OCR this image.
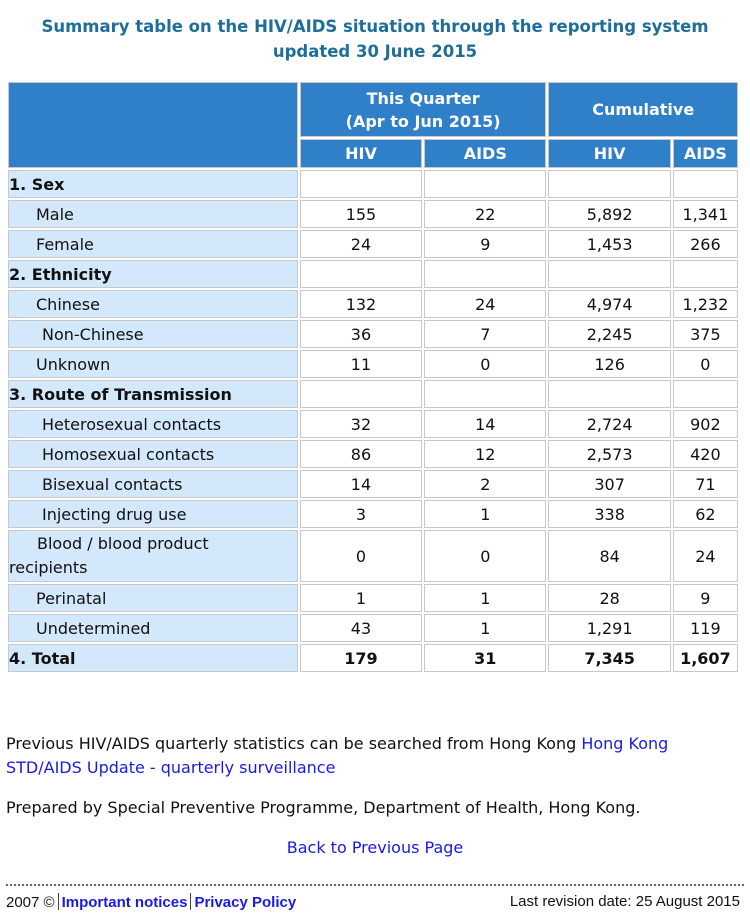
Summary table on the HIV/AIDS situation through the reporting system
updated 30 June 2015

	This Quarter
(Apr to Jun 2015)		Cumulative	
	HIV	AIDS	HIV	AIDS
1. Sex				
Male	155	22	5,892	1,341
Female	24	9	1,453	266
2. Ethnicity				
Chinese	132	24	4,974	1,232
Non-Chinese	36	7	2,245	375
Unknown	11	0	126	0
3. Route of Transmission				
Heterosexual contacts	32	14	2,724	902
Homosexual contacts	86	12	2,573	420
Bisexual contacts	14	2	307	71
Injecting drug use	3	1	338	62
Blood / blood product
recipients	0	0	84	24
Perinatal	1	1	28	9
Undetermined	43	1	1,291	119
4. Total	179	31	7,345	1,607
Previous HIV/AIDS quarterly statistics can be searched from Hong Kong Hong Kong STD/AIDS Update - quarterly surveillance
Prepared by Special Preventive Programme, Department of Health, Hong Kong.
Back to Previous Page
2007 © Important notices Privacy Policy	Last revision date: 25 August 2015
